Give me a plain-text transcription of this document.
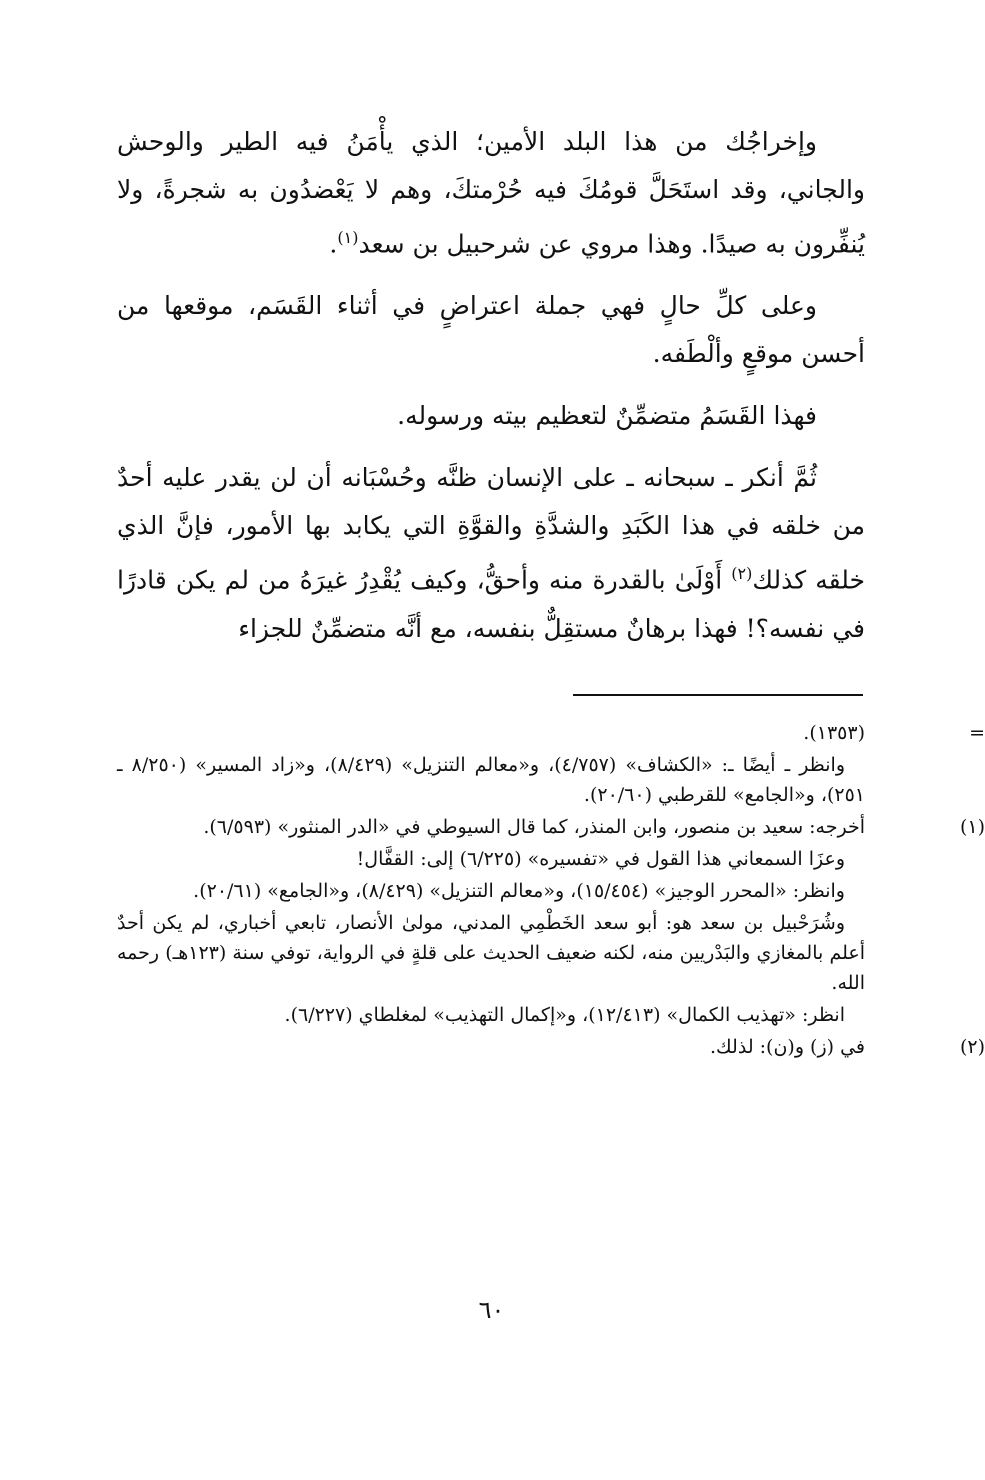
وإخراجُك من هذا البلد الأمين؛ الذي يأْمَنُ فيه الطير والوحش والجاني، وقد استَحَلَّ قومُكَ فيه حُرْمتكَ، وهم لا يَعْضدُون به شجرةً، ولا يُنفِّرون به صيدًا. وهذا مروي عن شرحبيل بن سعد$^{(١)}$.

وعلى كلِّ حالٍ فهي جملة اعتراضٍ في أثناء القَسَم، موقعها من أحسن موقعٍ وألْطَفه.

فهذا القَسَمُ متضمِّنٌ لتعظيم بيته ورسوله.

ثُمَّ أنكر ـ سبحانه ـ على الإنسان ظنَّه وحُسْبَانه أن لن يقدر عليه أحدٌ من خلقه في هذا الكَبَدِ والشدَّةِ والقوَّةِ التي يكابد بها الأمور، فإنَّ الذي خلقه كذلك$^{(٢)}$ أَوْلَىٰ بالقدرة منه وأحقُّ، وكيف يُقْدِرُ غيرَهُ من لم يكن قادرًا في نفسه؟! فهذا برهانٌ مستقِلٌّ بنفسه، مع أنَّه متضمِّنٌ للجزاء

=

(١٣٥٣).

وانظر ـ أيضًا ـ: «الكشاف» (٤/٧٥٧)، و«معالم التنزيل» (٨/٤٢٩)، و«زاد المسير» (٨/٢٥٠ ـ ٢٥١)، و«الجامع» للقرطبي (٢٠/٦٠).

(١)

أخرجه: سعيد بن منصور، وابن المنذر، كما قال السيوطي في «الدر المنثور» (٦/٥٩٣).

وعزَا السمعاني هذا القول في «تفسيره» (٦/٢٢٥) إلى: القفَّال!

وانظر: «المحرر الوجيز» (١٥/٤٥٤)، و«معالم التنزيل» (٨/٤٢٩)، و«الجامع» (٢٠/٦١).

وشُرَحْبيل بن سعد هو: أبو سعد الخَطْمِي المدني، مولىٰ الأنصار، تابعي أخباري، لم يكن أحدٌ أعلم بالمغازي والبَدْريين منه، لكنه ضعيف الحديث على قلةٍ في الرواية، توفي سنة (١٢٣هـ) رحمه الله.

انظر: «تهذيب الكمال» (١٢/٤١٣)، و«إكمال التهذيب» لمغلطاي (٦/٢٢٧).

(٢)

في (ز) و(ن): لذلك.

٦٠
